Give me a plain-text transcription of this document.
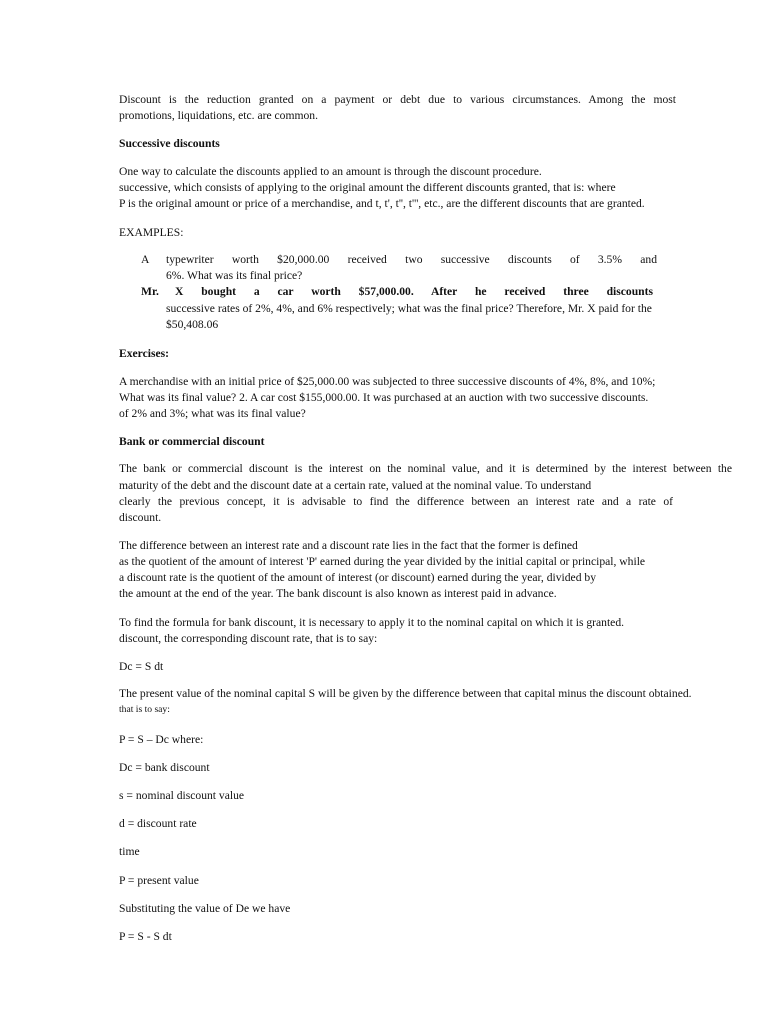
Discount is the reduction granted on a payment or debt due to various circumstances. Among the most

promotions, liquidations, etc. are common.

Successive discounts

One way to calculate the discounts applied to an amount is through the discount procedure.

successive, which consists of applying to the original amount the different discounts granted, that is: where

P is the original amount or price of a merchandise, and t, t', t'', t''', etc., are the different discounts that are granted.

EXAMPLES:

A typewriter worth $20,000.00 received two successive discounts of 3.5% and

6%. What was its final price?

Mr. X bought a car worth $57,000.00. After he received three discounts

successive rates of 2%, 4%, and 6% respectively; what was the final price? Therefore, Mr. X paid for the

$50,408.06

Exercises:

A merchandise with an initial price of $25,000.00 was subjected to three successive discounts of 4%, 8%, and 10%;

What was its final value? 2. A car cost $155,000.00. It was purchased at an auction with two successive discounts.

of 2% and 3%; what was its final value?

Bank or commercial discount

The bank or commercial discount is the interest on the nominal value, and it is determined by the interest between the

maturity of the debt and the discount date at a certain rate, valued at the nominal value. To understand

clearly the previous concept, it is advisable to find the difference between an interest rate and a rate of

discount.

The difference between an interest rate and a discount rate lies in the fact that the former is defined

as the quotient of the amount of interest 'P' earned during the year divided by the initial capital or principal, while

a discount rate is the quotient of the amount of interest (or discount) earned during the year, divided by

the amount at the end of the year. The bank discount is also known as interest paid in advance.

To find the formula for bank discount, it is necessary to apply it to the nominal capital on which it is granted.

discount, the corresponding discount rate, that is to say:

Dc = S dt

The present value of the nominal capital S will be given by the difference between that capital minus the discount obtained.

that is to say:

P = S – Dc where:

Dc = bank discount

s = nominal discount value

d = discount rate

time

P = present value

Substituting the value of De we have

P = S - S dt
